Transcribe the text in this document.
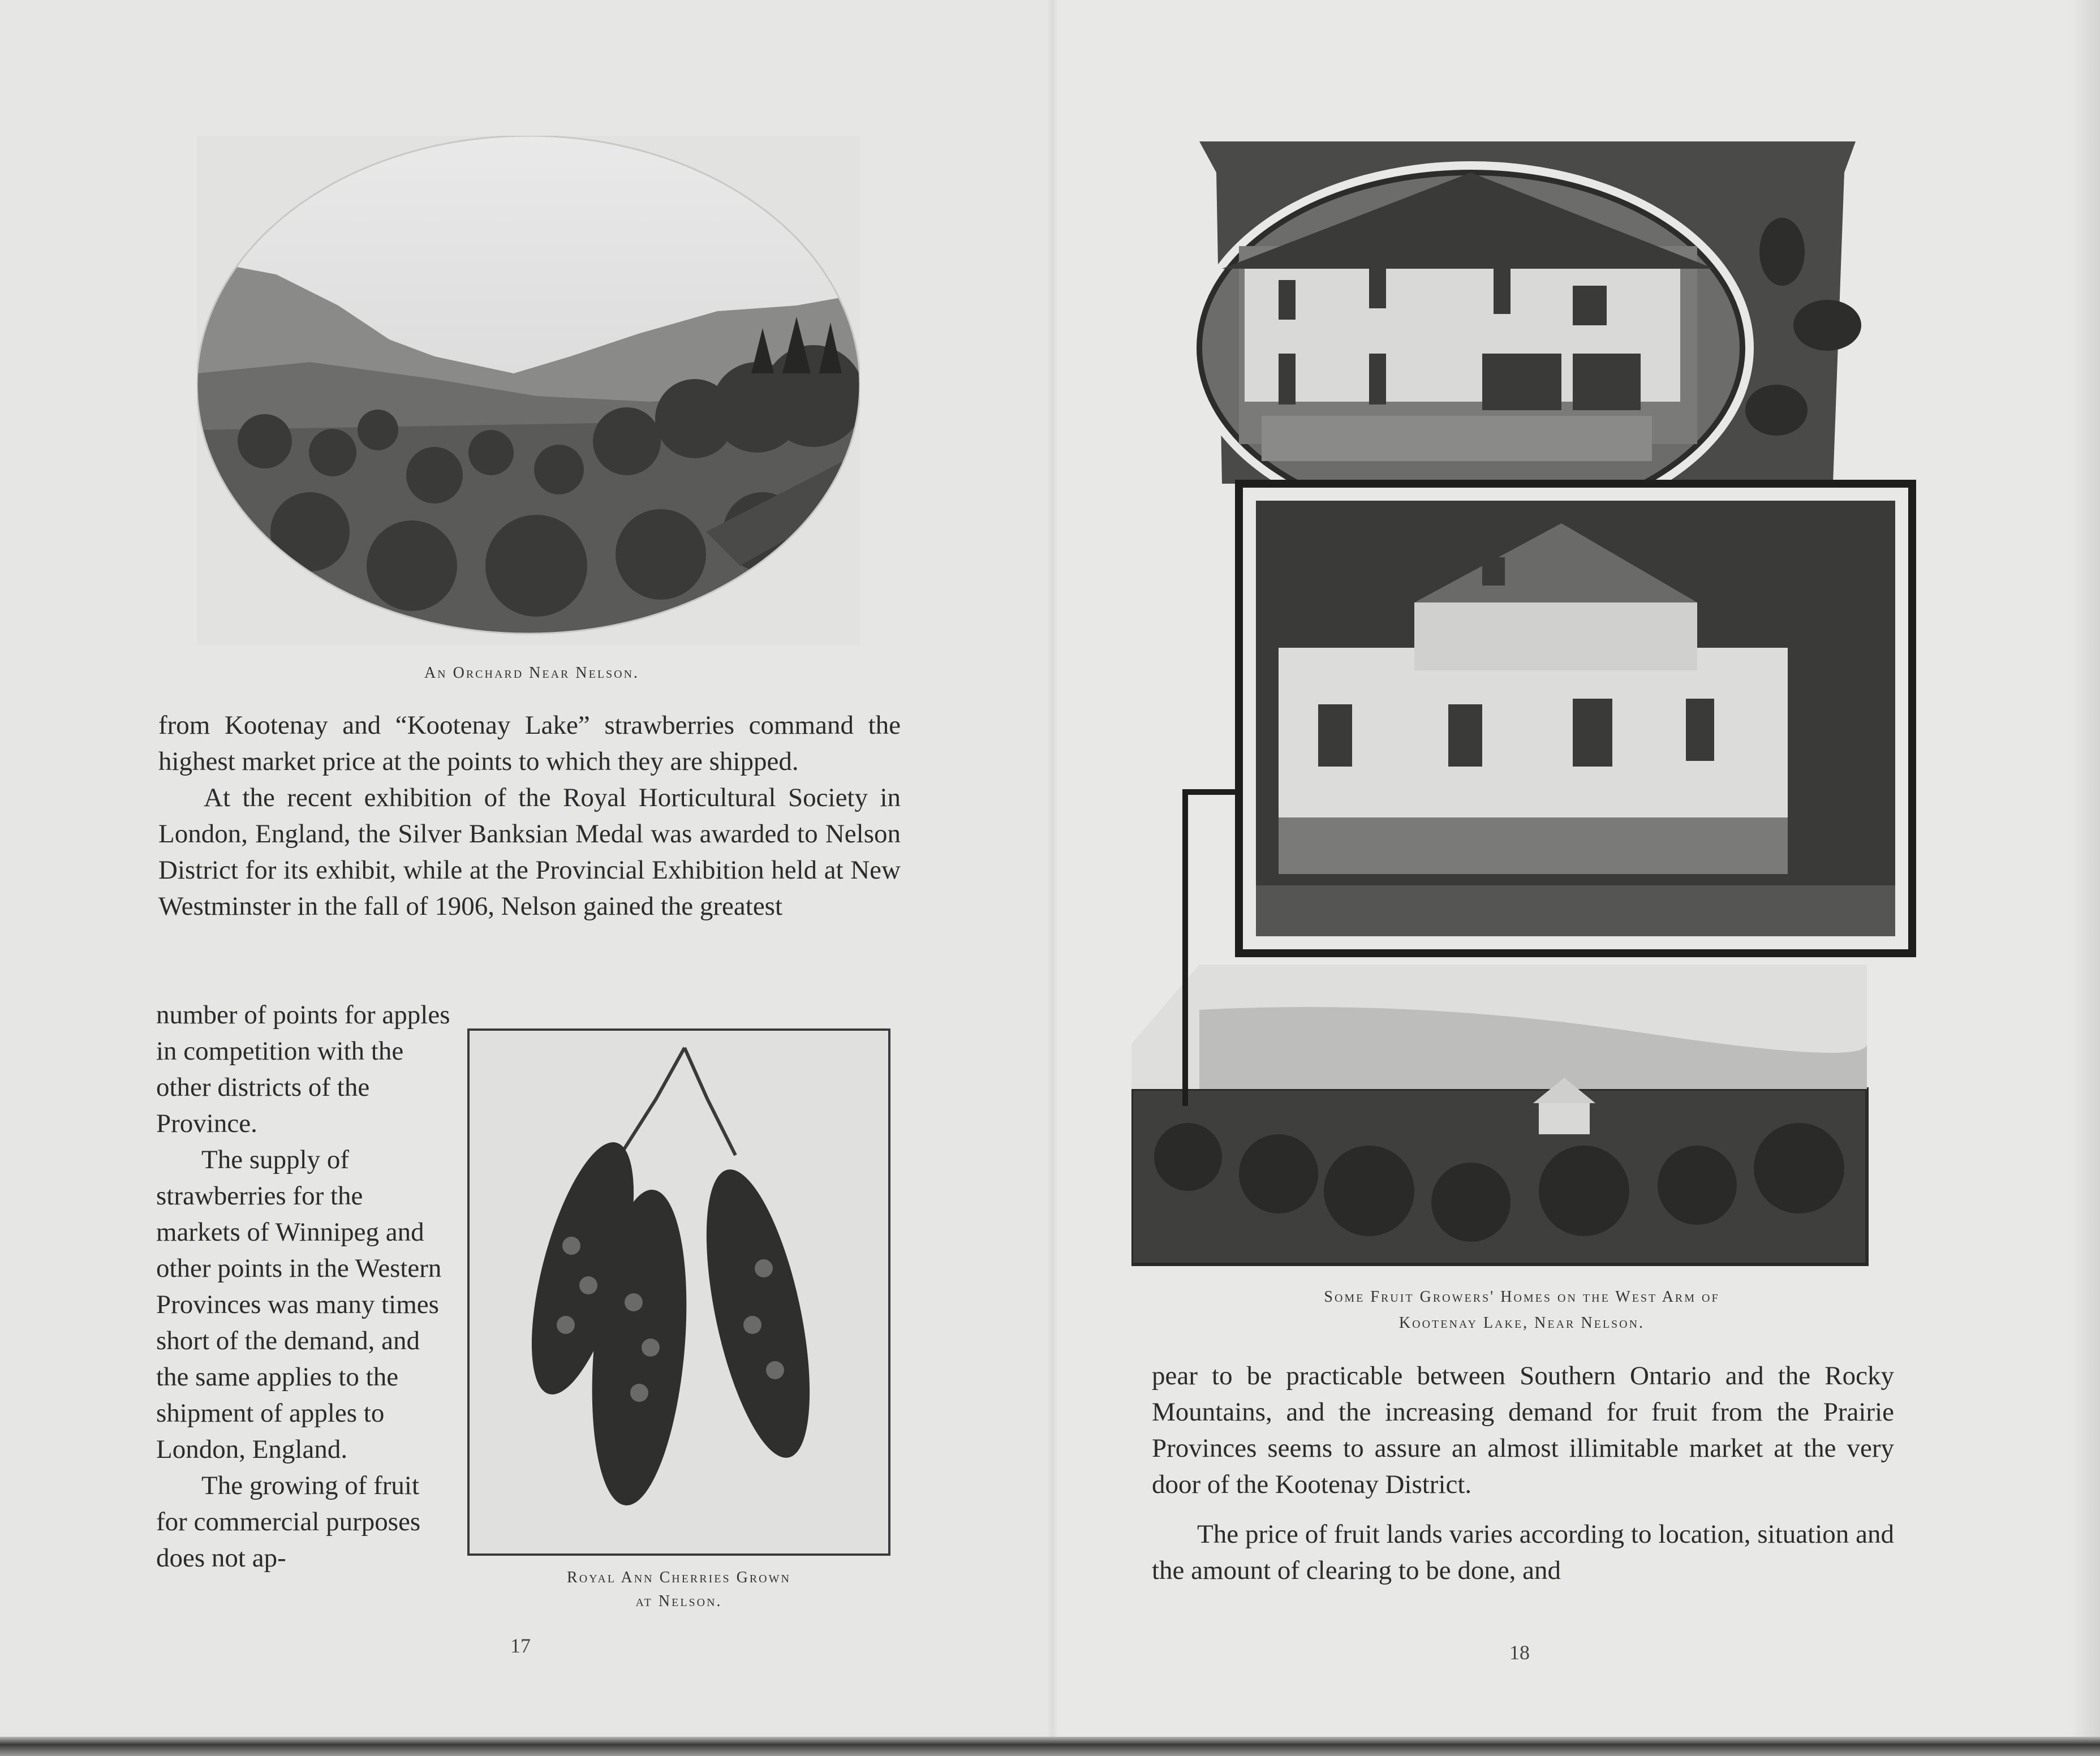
An Orchard Near Nelson.

from Kootenay and “Kootenay Lake” strawberries command the highest market price at the points to which they are shipped.

At the recent exhibition of the Royal Horticultural Society in London, England, the Silver Banksian Medal was awarded to Nelson District for its exhibit, while at the Provincial Exhibition held at New Westminster in the fall of 1906, Nelson gained the greatest

number of points for apples in competition with the other districts of the Province.

The supply of strawberries for the markets of Winnipeg and other points in the Western Provinces was many times short of the demand, and the same applies to the shipment of apples to London, England.

The growing of fruit for commercial purposes does not ap-

Royal Ann Cherries Grown
at Nelson.
17
Some Fruit Growers' Homes on the West Arm of
Kootenay Lake, Near Nelson.

pear to be practicable between Southern Ontario and the Rocky Mountains, and the increasing demand for fruit from the Prairie Provinces seems to assure an almost illimitable market at the very door of the Kootenay District.

The price of fruit lands varies according to location, situation and the amount of clearing to be done, and

18
